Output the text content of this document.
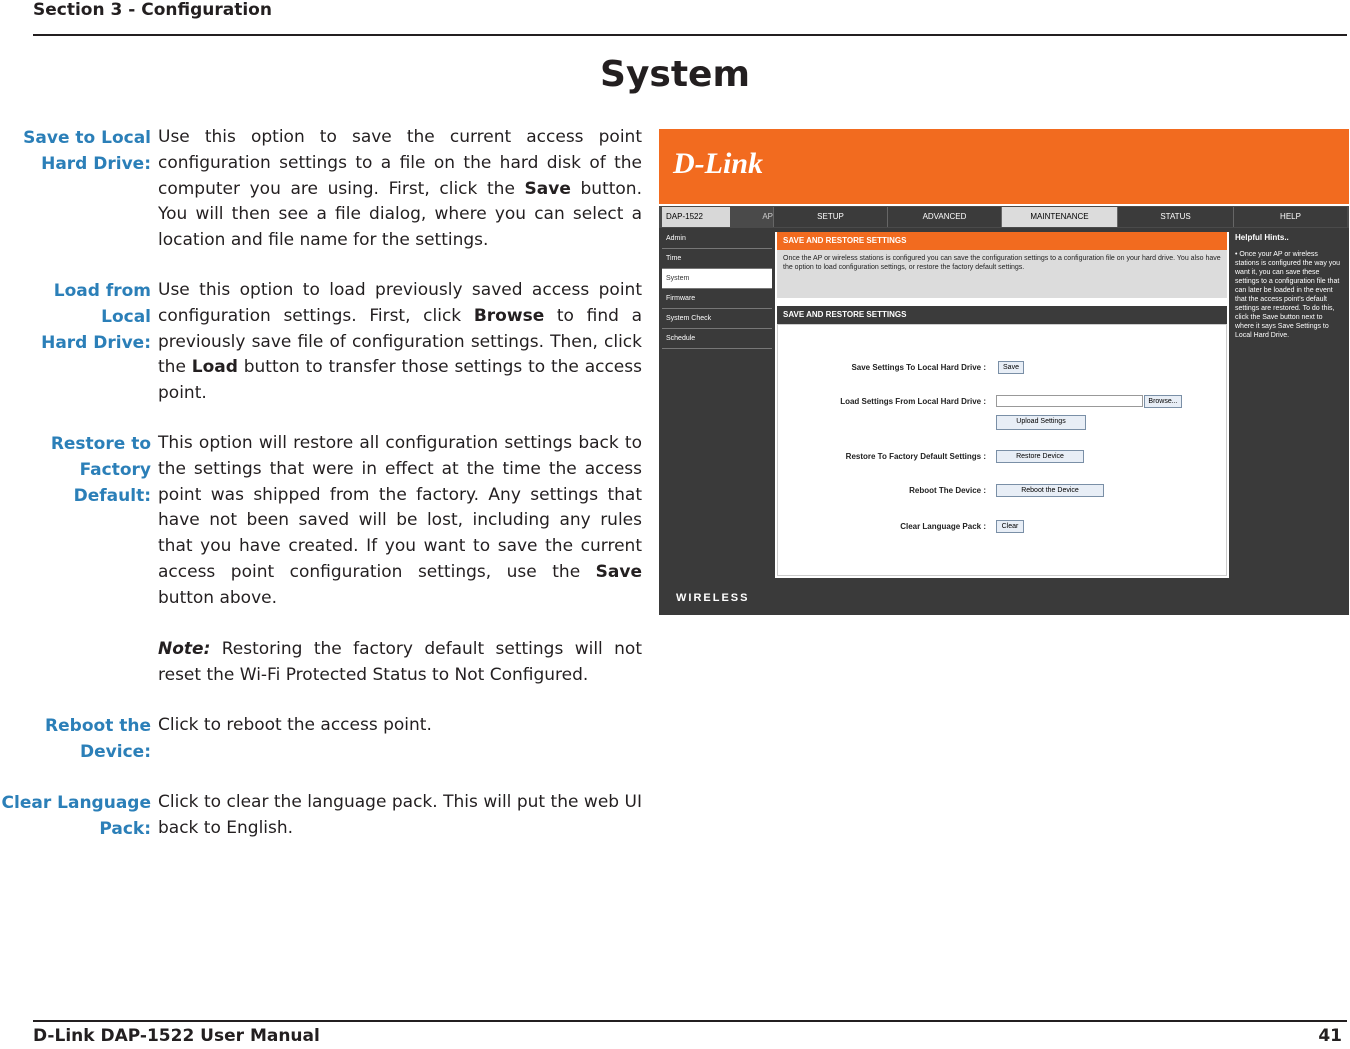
Section 3 - Configuration
System
Save to Local
Hard Drive:
Use this option to save the current access point configuration settings to a file on the hard disk of the computer you are using. First, click the Save button. You will then see a file dialog, where you can select a location and file name for the settings.
Load from Local
Hard Drive:
Use this option to load previously saved access point configuration settings. First, click Browse to find a previously save file of configuration settings. Then, click the Load button to transfer those settings to the access point.
Restore to
Factory Default:
This option will restore all configuration settings back to the settings that were in effect at the time the access point was shipped from the factory. Any settings that have not been saved will be lost, including any rules that you have created. If you want to save the current access point configuration settings, use the Save button above.
Note: Restoring the factory default settings will not reset the Wi-Fi Protected Status to Not Configured.
Reboot the
Device:
Click to reboot the access point.
Clear Language
Pack:
Click to clear the language pack. This will put the web UI back to English.
D-Link
DAP-1522	AP	SETUP	ADVANCED	MAINTENANCE	STATUS	HELP
Admin
Time
System
Firmware
System Check
Schedule
SAVE AND RESTORE SETTINGS
Once the AP or wireless stations is configured you can save the configuration settings to a configuration file on your hard drive. You also have the option to load configuration settings, or restore the factory default settings.
SAVE AND RESTORE SETTINGS
Save Settings To Local Hard Drive :	Save
Load Settings From Local Hard Drive :	Browse...
Upload Settings
Restore To Factory Default Settings :	Restore Device
Reboot The Device :	Reboot the Device
Clear Language Pack :	Clear
Helpful Hints..
• Once your AP or wireless stations is configured the way you want it, you can save these settings to a configuration file that can later be loaded in the event that the access point's default settings are restored. To do this, click the Save button next to where it says Save Settings to Local Hard Drive.
WIRELESS
D-Link DAP-1522 User Manual	41
